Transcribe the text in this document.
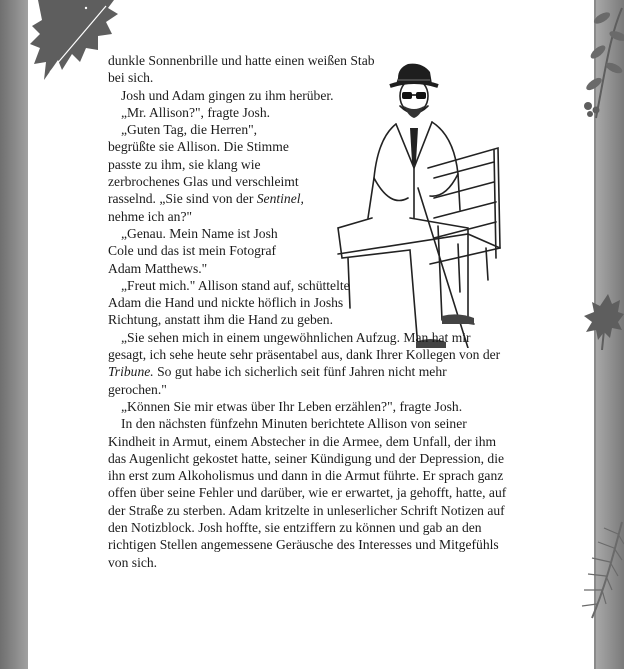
dunkle Sonnenbrille und hatte einen weißen Stab bei sich.

Josh und Adam gingen zu ihm herüber.

„Mr. Allison?", fragte Josh.

„Guten Tag, die Herren", begrüßte sie Allison. Die Stimme passte zu ihm, sie klang wie zerbrochenes Glas und verschleimt rasselnd. „Sie sind von der Sentinel, nehme ich an?"

„Genau. Mein Name ist Josh Cole und das ist mein Fotograf Adam Matthews."

„Freut mich." Allison stand auf, schüttelte Adam die Hand und nickte höflich in Joshs Richtung, anstatt ihm die Hand zu geben.

„Sie sehen mich in einem ungewöhnlichen Aufzug. Man hat mir gesagt, ich sehe heute sehr präsentabel aus, dank Ihrer Kollegen von der Tribune. So gut habe ich sicherlich seit fünf Jahren nicht mehr gerochen."

„Können Sie mir etwas über Ihr Leben erzählen?", fragte Josh.

In den nächsten fünfzehn Minuten berichtete Allison von seiner Kindheit in Armut, einem Abstecher in die Armee, dem Unfall, der ihm das Augenlicht gekostet hatte, seiner Kündigung und der Depression, die ihn erst zum Alkoholismus und dann in die Armut führte. Er sprach ganz offen über seine Fehler und darüber, wie er erwartet, ja gehofft, hatte, auf der Straße zu sterben. Adam kritzelte in unleserlicher Schrift Notizen auf den Notizblock. Josh hoffte, sie entziffern zu können und gab an den richtigen Stellen angemessene Geräusche des Interesses und Mitgefühls von sich.
